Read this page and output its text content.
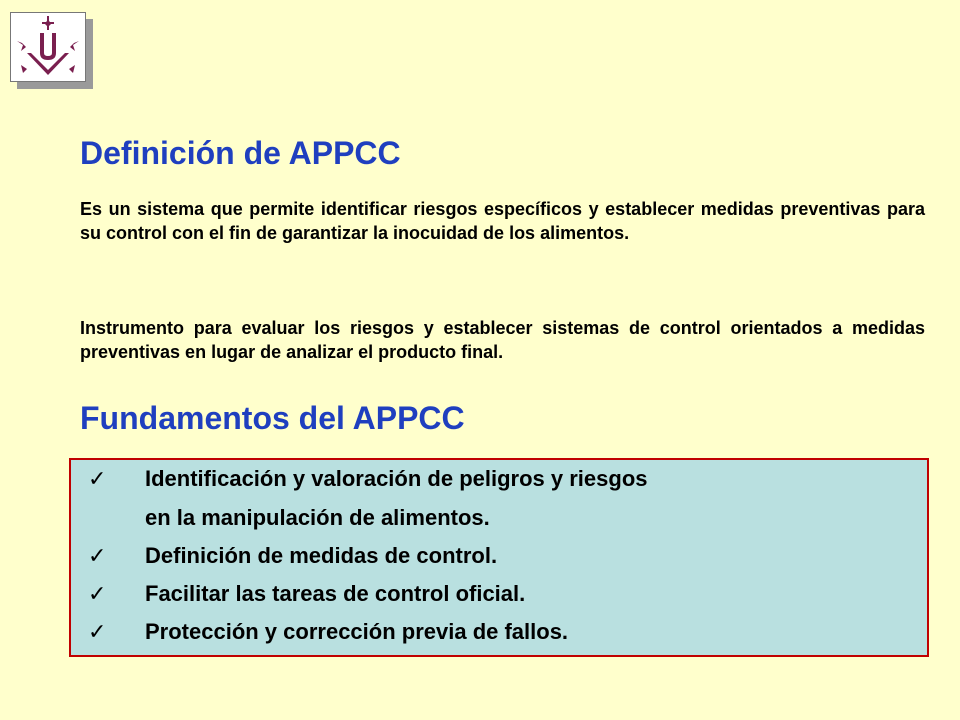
Definición de APPCC

Es un sistema que permite identificar riesgos específicos y establecer medidas preventivas para su control con el fin de garantizar la inocuidad de los alimentos.

Instrumento para evaluar los riesgos y establecer sistemas de control orientados a medidas preventivas en lugar de analizar el producto final.

Fundamentos del APPCC
✓ Identificación y valoración de peligros y riesgos
en la manipulación de alimentos.
✓ Definición de medidas de control.
✓ Facilitar las tareas de control oficial.
✓ Protección y corrección previa de fallos.
